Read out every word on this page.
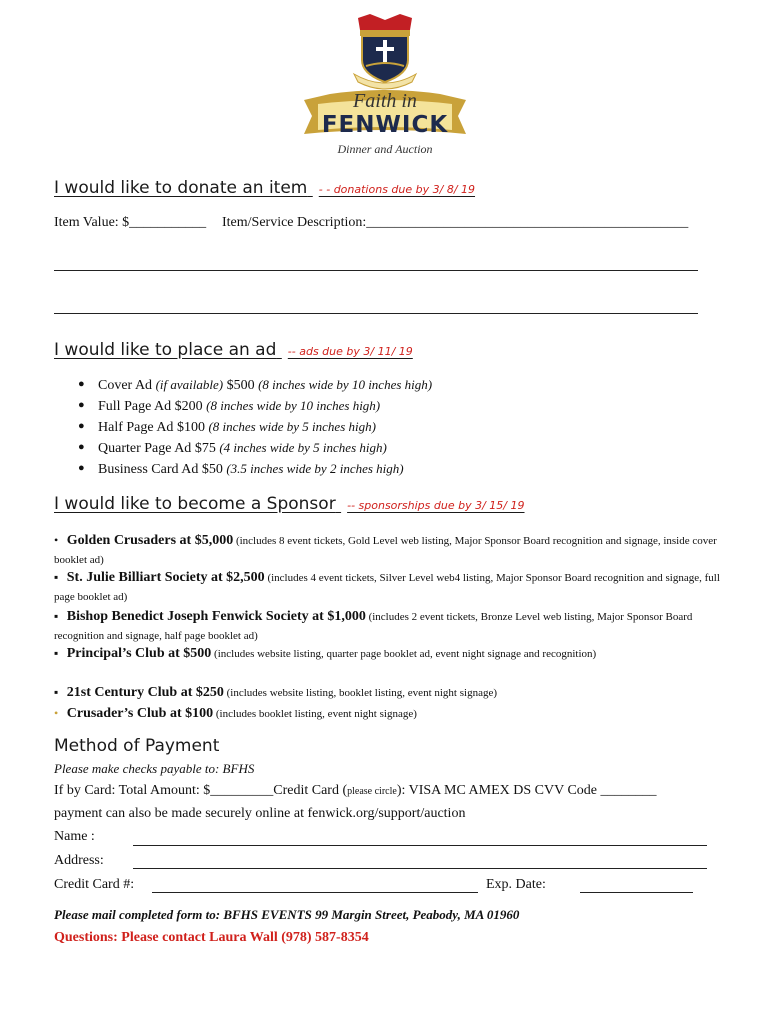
Faith in
FENWICK
Dinner and Auction
I would like to donate an item - - donations due by 3/ 8/ 19
Item Value: $___________ Item/Service Description:______________________________________________
I would like to place an ad -- ads due by 3/ 11/ 19
● Cover Ad (if available) $500 (8 inches wide by 10 inches high)
● Full Page Ad $200 (8 inches wide by 10 inches high)
● Half Page Ad $100 (8 inches wide by 5 inches high)
● Quarter Page Ad $75 (4 inches wide by 5 inches high)
● Business Card Ad $50 (3.5 inches wide by 2 inches high)
I would like to become a Sponsor -- sponsorships due by 3/ 15/ 19
• Golden Crusaders at $5,000 (includes 8 event tickets, Gold Level web listing, Major Sponsor Board recognition and signage, inside cover booklet ad)
▪ St. Julie Billiart Society at $2,500 (includes 4 event tickets, Silver Level web4 listing, Major Sponsor Board recognition and signage, full page booklet ad)
▪ Bishop Benedict Joseph Fenwick Society at $1,000 (includes 2 event tickets, Bronze Level web listing, Major Sponsor Board recognition and signage, half page booklet ad)
▪ Principal’s Club at $500 (includes website listing, quarter page booklet ad, event night signage and recognition)
▪ 21st Century Club at $250 (includes website listing, booklet listing, event night signage)
• Crusader’s Club at $100 (includes booklet listing, event night signage)
Method of Payment
Please make checks payable to: BFHS
If by Card: Total Amount: $_________Credit Card (please circle): VISA MC AMEX DS CVV Code ________
payment can also be made securely online at fenwick.org/support/auction
Name :
Address:
Credit Card #:	Exp. Date:
Please mail completed form to: BFHS EVENTS 99 Margin Street, Peabody, MA 01960
Questions: Please contact Laura Wall (978) 587-8354
